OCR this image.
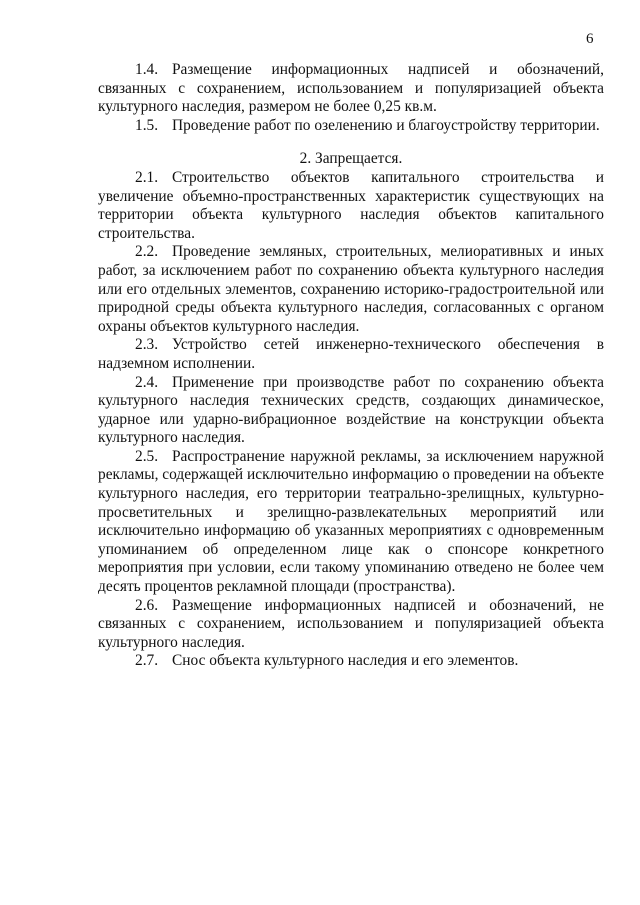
6

1.4. Размещение информационных надписей и обозначений, связанных с сохранением, использованием и популяризацией объекта культурного наследия, размером не более 0,25 кв.м.

1.5. Проведение работ по озеленению и благоустройству территории.

2. Запрещается.

2.1. Строительство объектов капитального строительства и увеличение объемно-пространственных характеристик существующих на территории объекта культурного наследия объектов капитального строительства.

2.2. Проведение земляных, строительных, мелиоративных и иных работ, за исключением работ по сохранению объекта культурного наследия или его отдельных элементов, сохранению историко-градостроительной или природной среды объекта культурного наследия, согласованных с органом охраны объектов культурного наследия.

2.3. Устройство сетей инженерно-технического обеспечения в надземном исполнении.

2.4. Применение при производстве работ по сохранению объекта культурного наследия технических средств, создающих динамическое, ударное или ударно-вибрационное воздействие на конструкции объекта культурного наследия.

2.5. Распространение наружной рекламы, за исключением наружной рекламы, содержащей исключительно информацию о проведении на объекте культурного наследия, его территории театрально-зрелищных, культурно-просветительных и зрелищно-развлекательных мероприятий или исключительно информацию об указанных мероприятиях с одновременным упоминанием об определенном лице как о спонсоре конкретного мероприятия при условии, если такому упоминанию отведено не более чем десять процентов рекламной площади (пространства).

2.6. Размещение информационных надписей и обозначений, не связанных с сохранением, использованием и популяризацией объекта культурного наследия.

2.7. Снос объекта культурного наследия и его элементов.
